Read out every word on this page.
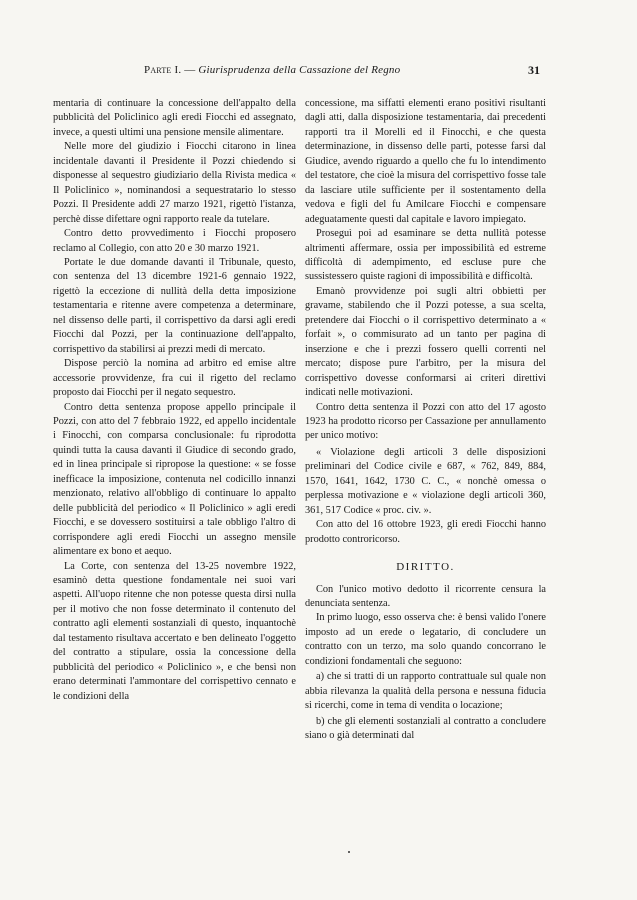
Parte I. — Giurisprudenza della Cassazione del Regno	31

mentaria di continuare la concessione dell'appalto della pubblicità del Policlinico agli eredi Fiocchi ed assegnato, invece, a questi ultimi una pensione mensile alimentare.

Nelle more del giudizio i Fiocchi citarono in linea incidentale davanti il Presidente il Pozzi chiedendo si disponesse al sequestro giudiziario della Rivista medica « Il Policlinico », nominandosi a sequestratario lo stesso Pozzi. Il Presidente addì 27 marzo 1921, rigettò l'istanza, perchè disse difettare ogni rapporto reale da tutelare.

Contro detto provvedimento i Fiocchi proposero reclamo al Collegio, con atto 20 e 30 marzo 1921.

Portate le due domande davanti il Tribunale, questo, con sentenza del 13 dicembre 1921-6 gennaio 1922, rigettò la eccezione di nullità della detta imposizione testamentaria e ritenne avere competenza a determinare, nel dissenso delle parti, il corrispettivo da darsi agli eredi Fiocchi dal Pozzi, per la continuazione dell'appalto, corrispettivo da stabilirsi ai prezzi medi di mercato.

Dispose perciò la nomina ad arbitro ed emise altre accessorie provvidenze, fra cui il rigetto del reclamo proposto dai Fiocchi per il negato sequestro.

Contro detta sentenza propose appello principale il Pozzi, con atto del 7 febbraio 1922, ed appello incidentale i Finocchi, con comparsa conclusionale: fu riprodotta quindi tutta la causa davanti il Giudice di secondo grado, ed in linea principale si ripropose la questione: « se fosse inefficace la imposizione, contenuta nel codicillo innanzi menzionato, relativo all'obbligo di continuare lo appalto delle pubblicità del periodico « Il Policlinico » agli eredi Fiocchi, e se dovessero sostituirsi a tale obbligo l'altro di corrispondere agli eredi Fiocchi un assegno mensile alimentare ex bono et aequo.

La Corte, con sentenza del 13-25 novembre 1922, esaminò detta questione fondamentale nei suoi vari aspetti. All'uopo ritenne che non potesse questa dirsi nulla per il motivo che non fosse determinato il contenuto del contratto agli elementi sostanziali di questo, inquantochè dal testamento risultava accertato e ben delineato l'oggetto del contratto a stipulare, ossia la concessione della pubblicità del periodico « Policlinico », e che bensì non erano determinati l'ammontare del corrispettivo cennato e le condizioni della

concessione, ma siffatti elementi erano positivi risultanti dagli atti, dalla disposizione testamentaria, dai precedenti rapporti tra il Morelli ed il Finocchi, e che questa determinazione, in dissenso delle parti, potesse farsi dal Giudice, avendo riguardo a quello che fu lo intendimento del testatore, che cioè la misura del corrispettivo fosse tale da lasciare utile sufficiente per il sostentamento della vedova e figli del fu Amilcare Fiocchi e compensare adeguatamente questi dal capitale e lavoro impiegato.

Proseguì poi ad esaminare se detta nullità potesse altrimenti affermare, ossia per impossibilità ed estreme difficoltà di adempimento, ed escluse pure che sussistessero quiste ragioni di impossibilità e difficoltà.

Emanò provvidenze poi sugli altri obbiettì per gravame, stabilendo che il Pozzi potesse, a sua scelta, pretendere dai Fiocchi o il corrispettivo determinato a « forfait », o commisurato ad un tanto per pagina di inserzione e che i prezzi fossero quelli correnti nel mercato; dispose pure l'arbitro, per la misura del corrispettivo dovesse conformarsi ai criteri direttivi indicati nelle motivazioni.

Contro detta sentenza il Pozzi con atto del 17 agosto 1923 ha prodotto ricorso per Cassazione per annullamento per unico motivo:

« Violazione degli articoli 3 delle disposizioni preliminari del Codice civile e 687, « 762, 849, 884, 1570, 1641, 1642, 1730 C. C., « nonchè omessa o perplessa motivazione e « violazione degli articoli 360, 361, 517 Codice « proc. civ. ».

Con atto del 16 ottobre 1923, gli eredi Fiocchi hanno prodotto controricorso.

DIRITTO.

Con l'unico motivo dedotto il ricorrente censura la denunciata sentenza.

In primo luogo, esso osserva che: è bensì valido l'onere imposto ad un erede o legatario, di concludere un contratto con un terzo, ma solo quando concorrano le condizioni fondamentali che seguono:

a) che si tratti di un rapporto contrattuale sul quale non abbia rilevanza la qualità della persona e nessuna fiducia si ricerchi, come in tema di vendita o locazione;

b) che gli elementi sostanziali al contratto a concludere siano o già determinati dal
